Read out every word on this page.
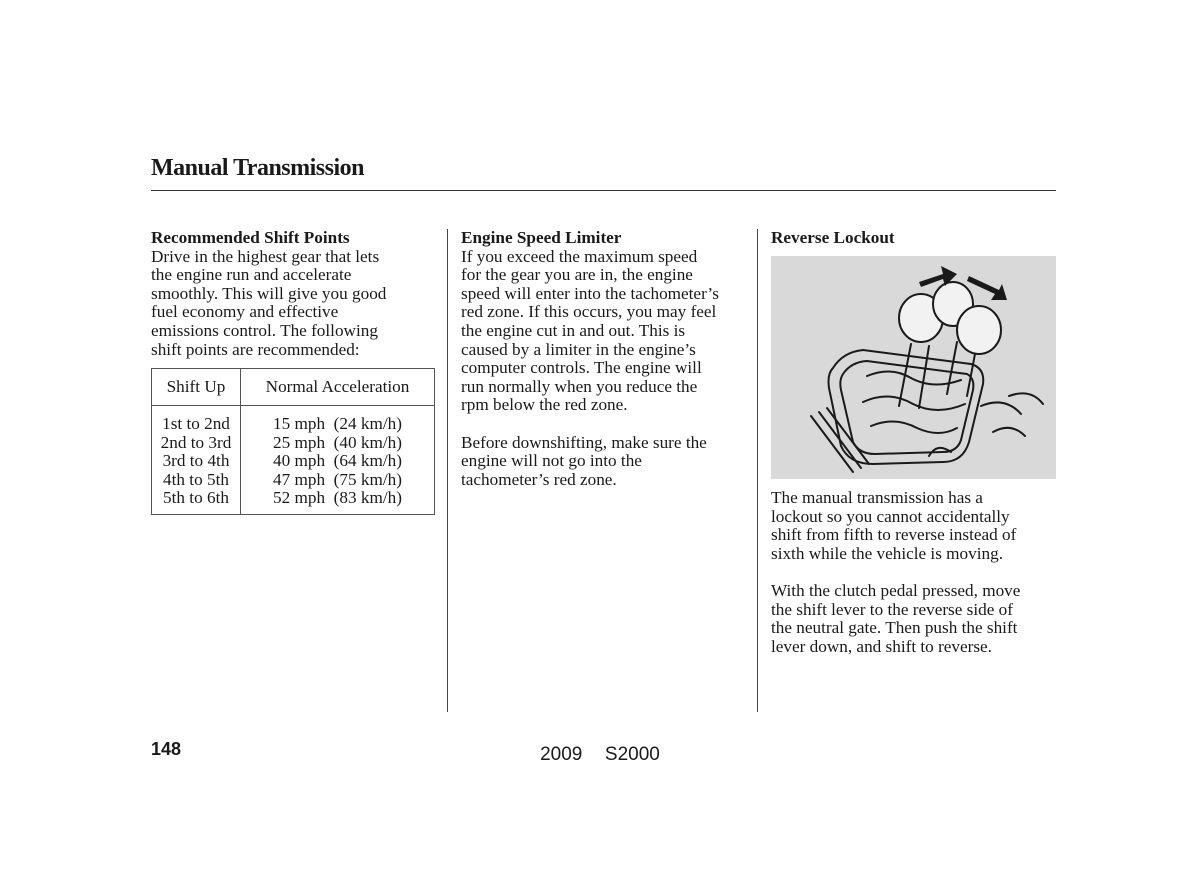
Manual Transmission
Recommended Shift Points
Drive in the highest gear that lets
the engine run and accelerate
smoothly. This will give you good
fuel economy and effective
emissions control. The following
shift points are recommended:
Shift Up	Normal Acceleration
1st to 2nd
2nd to 3rd
3rd to 4th
4th to 5th
5th to 6th
15 mph  (24 km/h)
25 mph  (40 km/h)
40 mph  (64 km/h)
47 mph  (75 km/h)
52 mph  (83 km/h)
Engine Speed Limiter
If you exceed the maximum speed
for the gear you are in, the engine
speed will enter into the tachometer’s
red zone. If this occurs, you may feel
the engine cut in and out. This is
caused by a limiter in the engine’s
computer controls. The engine will
run normally when you reduce the
rpm below the red zone.
Before downshifting, make sure the
engine will not go into the
tachometer’s red zone.
Reverse Lockout
The manual transmission has a
lockout so you cannot accidentally
shift from fifth to reverse instead of
sixth while the vehicle is moving.
With the clutch pedal pressed, move
the shift lever to the reverse side of
the neutral gate. Then push the shift
lever down, and shift to reverse.
148	2009  S2000
